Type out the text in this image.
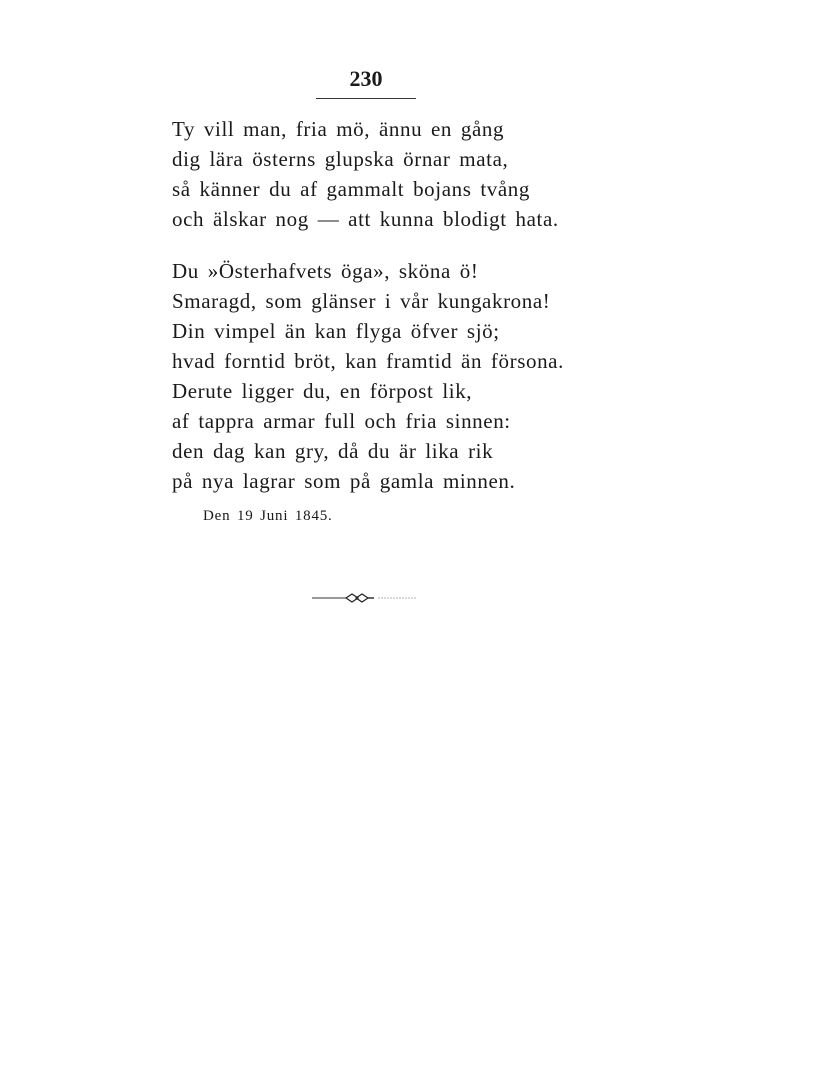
230
Ty vill man, fria mö, ännu en gång
dig lära österns glupska örnar mata,
så känner du af gammalt bojans tvång
och älskar nog — att kunna blodigt hata.
Du »Österhafvets öga», sköna ö!
Smaragd, som glänser i vår kungakrona!
Din vimpel än kan flyga öfver sjö;
hvad forntid bröt, kan framtid än försona.
Derute ligger du, en förpost lik,
af tappra armar full och fria sinnen:
den dag kan gry, då du är lika rik
på nya lagrar som på gamla minnen.
Den 19 Juni 1845.
